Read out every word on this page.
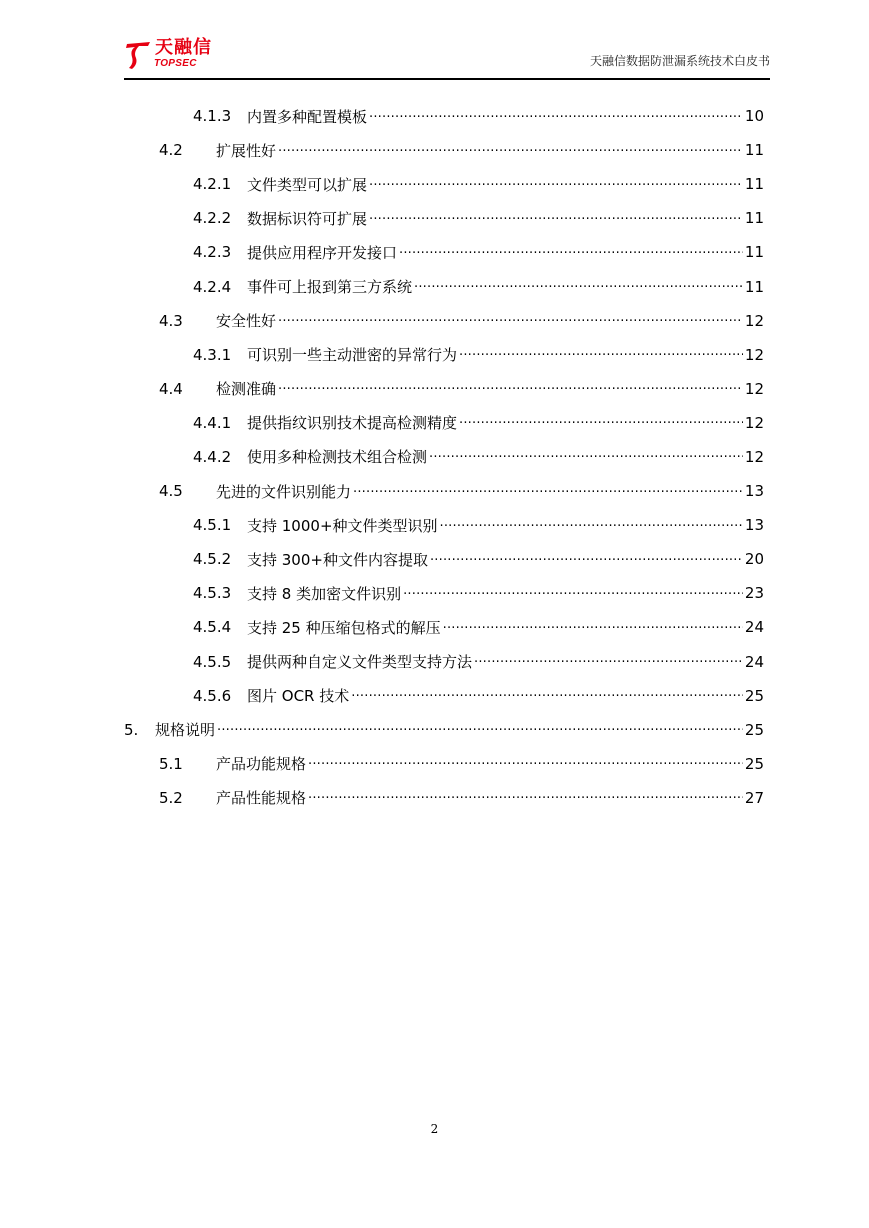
天融信
TOPSEC	天融信数据防泄漏系统技术白皮书
4.1.3	内置多种配置模板 .....	10
4.2	扩展性好 .....	11
4.2.1	文件类型可以扩展 .....	11
4.2.2	数据标识符可扩展 .....	11
4.2.3	提供应用程序开发接口 .....	11
4.2.4	事件可上报到第三方系统 .....	11
4.3	安全性好 .....	12
4.3.1	可识别一些主动泄密的异常行为 .....	12
4.4	检测准确 .....	12
4.4.1	提供指纹识别技术提高检测精度 .....	12
4.4.2	使用多种检测技术组合检测 .....	12
4.5	先进的文件识别能力 .....	13
4.5.1	支持 1000+种文件类型识别 .....	13
4.5.2	支持 300+种文件内容提取 .....	20
4.5.3	支持 8 类加密文件识别 .....	23
4.5.4	支持 25 种压缩包格式的解压 .....	24
4.5.5	提供两种自定义文件类型支持方法 .....	24
4.5.6	图片 OCR 技术 .....	25
5.	规格说明 .....	25
5.1	产品功能规格 .....	25
5.2	产品性能规格 .....	27
2
